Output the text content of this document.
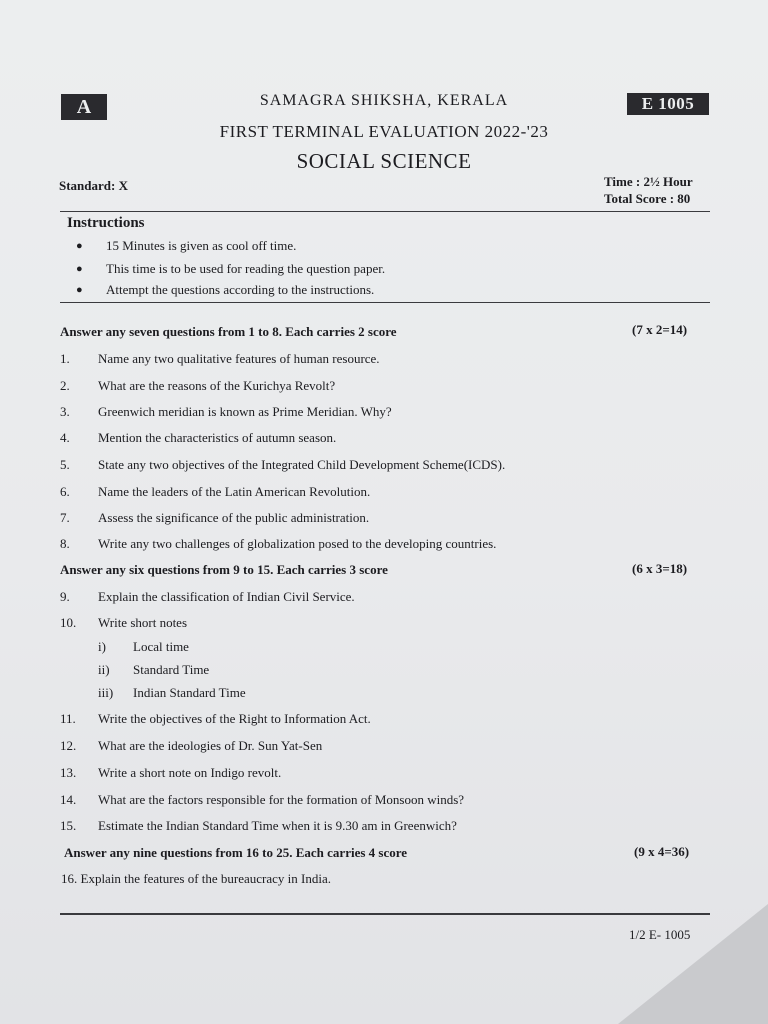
A	E 1005
SAMAGRA SHIKSHA, KERALA
FIRST TERMINAL EVALUATION 2022-'23
SOCIAL SCIENCE
Standard: X	Time : 2½ Hour
Total Score : 80
Instructions
● 15 Minutes is given as cool off time.
● This time is to be used for reading the question paper.
● Attempt the questions according to the instructions.
Answer any seven questions from 1 to 8. Each carries 2 score	(7 x 2=14)
1. Name any two qualitative features of human resource.
2. What are the reasons of the Kurichya Revolt?
3. Greenwich meridian is known as Prime Meridian. Why?
4. Mention the characteristics of autumn season.
5. State any two objectives of the Integrated Child Development Scheme(ICDS).
6. Name the leaders of the Latin American Revolution.
7. Assess the significance of the public administration.
8. Write any two challenges of globalization posed to the developing countries.
Answer any six questions from 9 to 15. Each carries 3 score	(6 x 3=18)
9. Explain the classification of Indian Civil Service.
10. Write short notes
i) Local time
ii) Standard Time
iii) Indian Standard Time
11. Write the objectives of the Right to Information Act.
12. What are the ideologies of Dr. Sun Yat-Sen
13. Write a short note on Indigo revolt.
14. What are the factors responsible for the formation of Monsoon winds?
15. Estimate the Indian Standard Time when it is 9.30 am in Greenwich?
Answer any nine questions from 16 to 25. Each carries 4 score	(9 x 4=36)
16. Explain the features of the bureaucracy in India.
1/2 E- 1005
